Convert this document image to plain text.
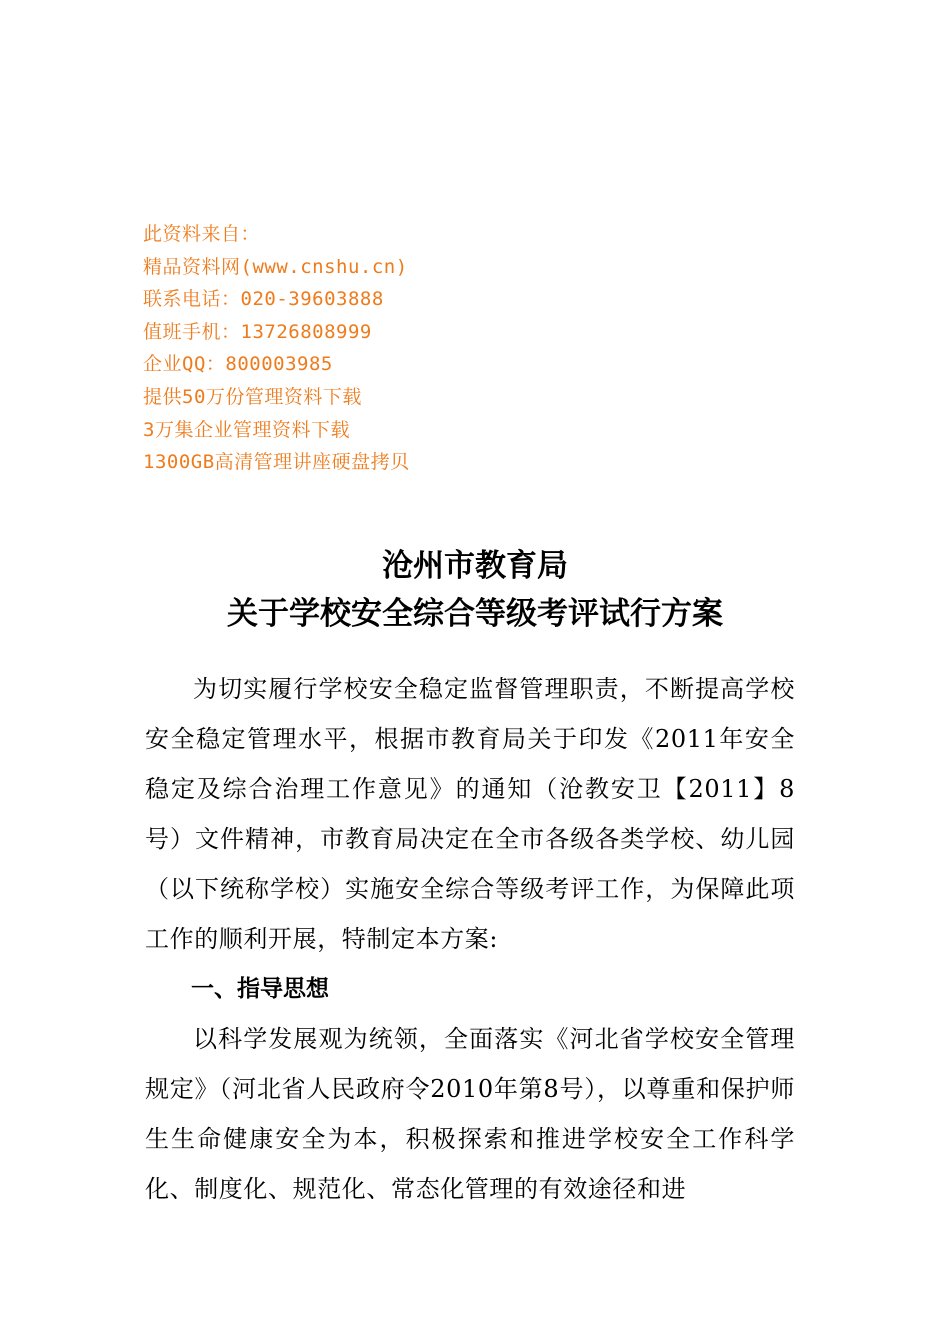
此资料来自：
精品资料网(www.cnshu.cn)
联系电话：020-39603888
值班手机：13726808999
企业QQ：800003985
提供50万份管理资料下载
3万集企业管理资料下载
1300GB高清管理讲座硬盘拷贝
沧州市教育局
关于学校安全综合等级考评试行方案

为切实履行学校安全稳定监督管理职责，不断提高学校安全稳定管理水平，根据市教育局关于印发《2011年安全稳定及综合治理工作意见》的通知（沧教安卫【2011】8号）文件精神，市教育局决定在全市各级各类学校、幼儿园（以下统称学校）实施安全综合等级考评工作，为保障此项工作的顺利开展，特制定本方案:

一、指导思想

以科学发展观为统领，全面落实《河北省学校安全管理规定》（河北省人民政府令2010年第8号），以尊重和保护师生生命健康安全为本，积极探索和推进学校安全工作科学化、制度化、规范化、常态化管理的有效途径和进
